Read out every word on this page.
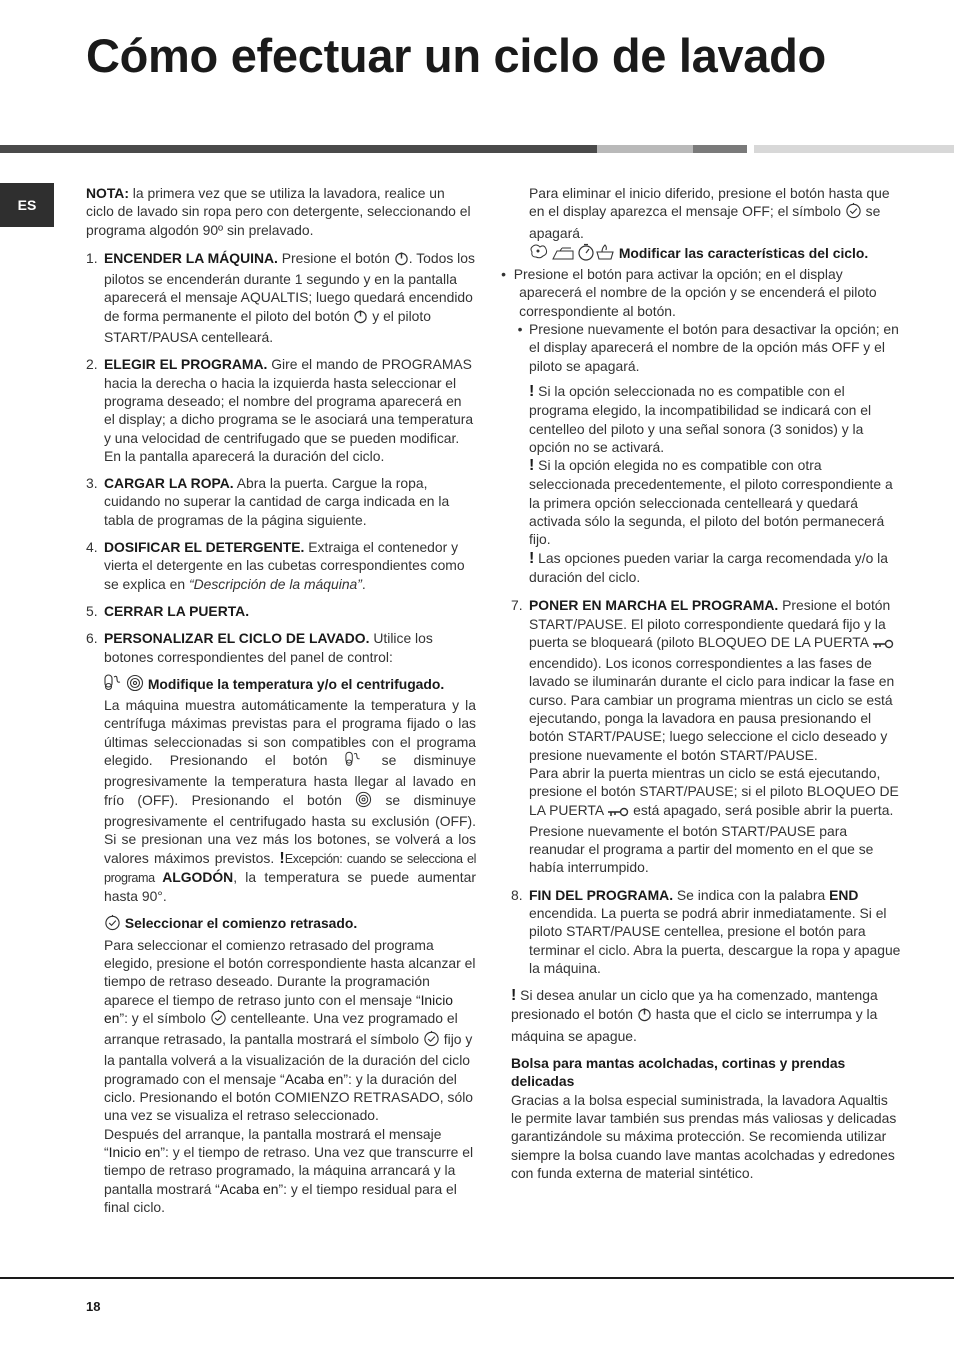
Cómo efectuar un ciclo de lavado
ES

NOTA: la primera vez que se utiliza la lavadora, realice un ciclo de lavado sin ropa pero con detergente, seleccionando el programa algodón 90º sin prelavado.

1. ENCENDER LA MÁQUINA. Presione el botón . Todos los pilotos se encenderán durante 1 segundo y en la pantalla aparecerá el mensaje AQUALTIS; luego quedará encendido de forma permanente el piloto del botón  y el piloto START/PAUSA centelleará.

2. ELEGIR EL PROGRAMA. Gire el mando de PROGRAMAS hacia la derecha o hacia la izquierda hasta seleccionar el programa deseado; el nombre del programa aparecerá en el display; a dicho programa se le asociará una temperatura y una velocidad de centrifugado que se pueden modificar. En la pantalla aparecerá la duración del ciclo.

3. CARGAR LA ROPA. Abra la puerta. Cargue la ropa, cuidando no superar la cantidad de carga indicada en la tabla de programas de la página siguiente.

4. DOSIFICAR EL DETERGENTE. Extraiga el contenedor y vierta el detergente en las cubetas correspondientes como se explica en “Descripción de la máquina”.

5. CERRAR LA PUERTA.

6. PERSONALIZAR EL CICLO DE LAVADO. Utilice los botones correspondientes del panel de control:

Modifique la temperatura y/o el centrifugado.

La máquina muestra automáticamente la temperatura y la centrífuga máximas previstas para el programa fijado o las últimas seleccionadas si son compatibles con el programa elegido. Presionando el botón  se disminuye progresivamente la temperatura hasta llegar al lavado en frío (OFF). Presionando el botón  se disminuye progresivamente el centrifugado hasta su exclusión (OFF). Si se presionan una vez más los botones, se volverá a los valores máximos previstos. !Excepción: cuando se selecciona el programa ALGODÓN, la temperatura se puede aumentar hasta 90°.

Seleccionar el comienzo retrasado.

Para seleccionar el comienzo retrasado del programa elegido, presione el botón correspondiente hasta alcanzar el tiempo de retraso deseado. Durante la programación aparece el tiempo de retraso junto con el mensaje “Inicio en”: y el símbolo  centelleante. Una vez programado el arranque retrasado, la pantalla mostrará el símbolo  fijo y la pantalla volverá a la visualización de la duración del ciclo programado con el mensaje “Acaba en”: y la duración del ciclo. Presionando el botón COMIENZO RETRASADO, sólo una vez se visualiza el retraso seleccionado.

Después del arranque, la pantalla mostrará el mensaje “Inicio en”: y el tiempo de retraso. Una vez que transcurre el tiempo de retraso programado, la máquina arrancará y la pantalla mostrará “Acaba en”: y el tiempo residual para el final ciclo.

Para eliminar el inicio diferido, presione el botón hasta que en el display aparezca el mensaje OFF; el símbolo  se apagará.

Modificar las características del ciclo.

• Presione el botón para activar la opción; en el display aparecerá el nombre de la opción y se encenderá el piloto correspondiente al botón.

• Presione nuevamente el botón para desactivar la opción; en el display aparecerá el nombre de la opción más OFF y el piloto se apagará.

! Si la opción seleccionada no es compatible con el programa elegido, la incompatibilidad se indicará con el centelleo del piloto y una señal sonora (3 sonidos) y la opción no se activará.

! Si la opción elegida no es compatible con otra seleccionada precedentemente, el piloto correspondiente a la primera opción seleccionada centelleará y quedará activada sólo la segunda, el piloto del botón permanecerá fijo.

! Las opciones pueden variar la carga recomendada y/o la duración del ciclo.

7. PONER EN MARCHA EL PROGRAMA. Presione el botón START/PAUSE. El piloto correspondiente quedará fijo y la puerta se bloqueará (piloto BLOQUEO DE LA PUERTA  encendido). Los iconos correspondientes a las fases de lavado se iluminarán durante el ciclo para indicar la fase en curso. Para cambiar un programa mientras un ciclo se está ejecutando, ponga la lavadora en pausa presionando el botón START/PAUSE; luego seleccione el ciclo deseado y presione nuevamente el botón START/PAUSE.

Para abrir la puerta mientras un ciclo se está ejecutando, presione el botón START/PAUSE; si el piloto BLOQUEO DE LA PUERTA  está apagado, será posible abrir la puerta. Presione nuevamente el botón START/PAUSE para reanudar el programa a partir del momento en el que se había interrumpido.

8. FIN DEL PROGRAMA. Se indica con la palabra END encendida. La puerta se podrá abrir inmediatamente. Si el piloto START/PAUSE centellea, presione el botón para terminar el ciclo. Abra la puerta, descargue la ropa y apague la máquina.

! Si desea anular un ciclo que ya ha comenzado, mantenga presionado el botón  hasta que el ciclo se interrumpa y la máquina se apague.

Bolsa para mantas acolchadas, cortinas y prendas delicadas

Gracias a la bolsa especial suministrada, la lavadora Aqualtis le permite lavar también sus prendas más valiosas y delicadas garantizándole su máxima protección. Se recomienda utilizar siempre la bolsa cuando lave mantas acolchadas y edredones con funda externa de material sintético.

18
